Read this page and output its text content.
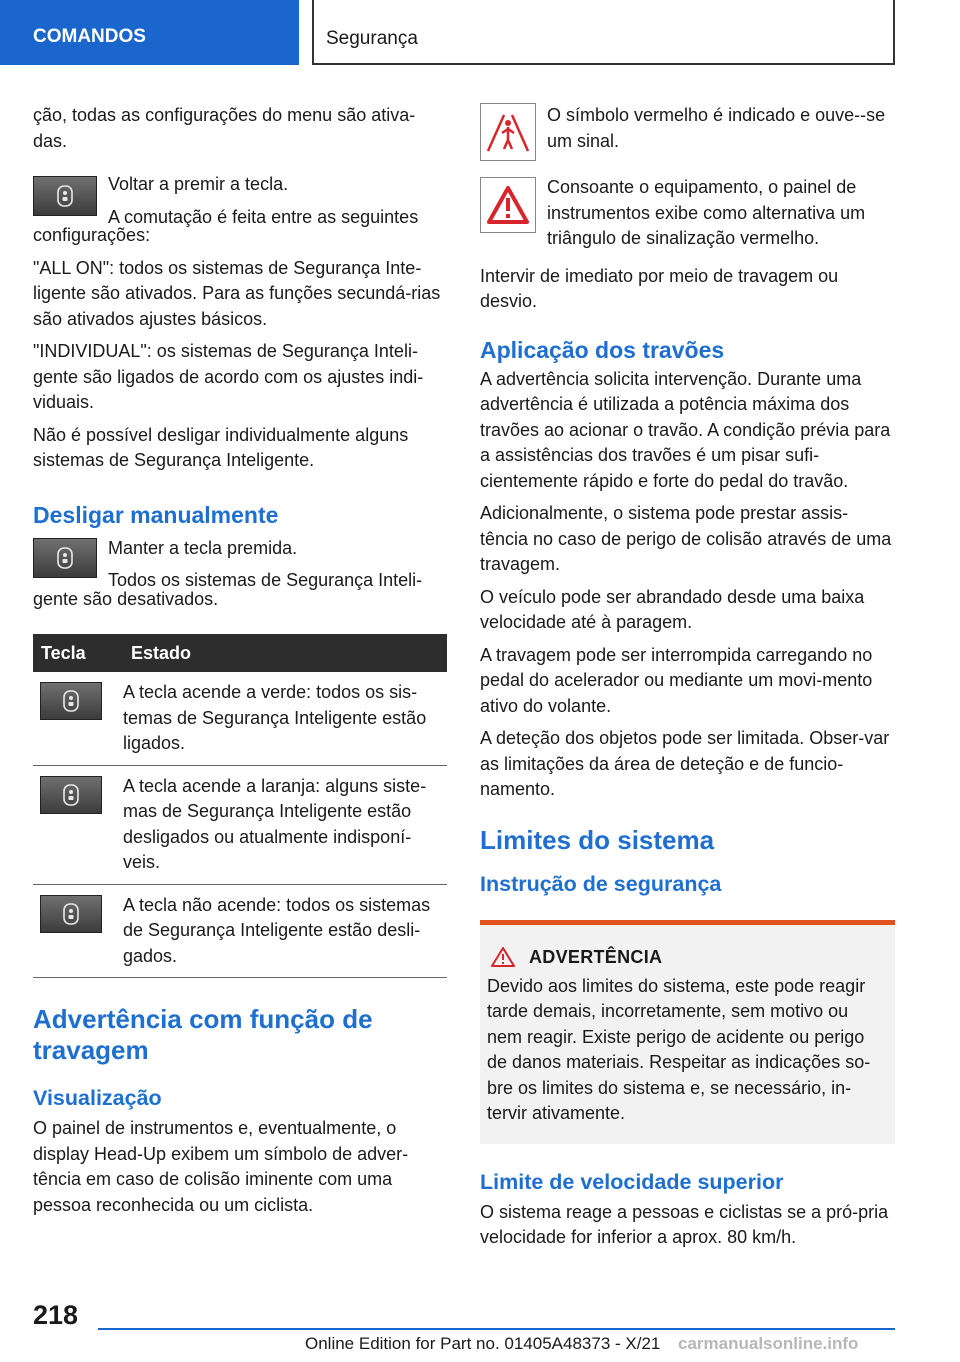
COMANDOS	Segurança

ção, todas as configurações do menu são ativa-das.

Voltar a premir a tecla.

A comutação é feita entre as seguintes

configurações:

"ALL ON": todos os sistemas de Segurança Inte-ligente são ativados. Para as funções secundá-rias são ativados ajustes básicos.

"INDIVIDUAL": os sistemas de Segurança Inteli-gente são ligados de acordo com os ajustes indi-viduais.

Não é possível desligar individualmente alguns sistemas de Segurança Inteligente.

Desligar manualmente

Manter a tecla premida.

Todos os sistemas de Segurança Inteli-

gente são desativados.

Tecla	Estado

	A tecla acende a verde: todos os sis-temas de Segurança Inteligente estão ligados.

	A tecla acende a laranja: alguns siste-mas de Segurança Inteligente estão desligados ou atualmente indisponí-veis.

	A tecla não acende: todos os sistemas de Segurança Inteligente estão desli-gados.
Advertência com função de travagem
Visualização

O painel de instrumentos e, eventualmente, o display Head-Up exibem um símbolo de adver-tência em caso de colisão iminente com uma pessoa reconhecida ou um ciclista.

O símbolo vermelho é indicado e ouve--se um sinal.

Consoante o equipamento, o painel de instrumentos exibe como alternativa um triângulo de sinalização vermelho.

Intervir de imediato por meio de travagem ou desvio.

Aplicação dos travões

A advertência solicita intervenção. Durante uma advertência é utilizada a potência máxima dos travões ao acionar o travão. A condição prévia para a assistências dos travões é um pisar sufi-cientemente rápido e forte do pedal do travão.

Adicionalmente, o sistema pode prestar assis-tência no caso de perigo de colisão através de uma travagem.

O veículo pode ser abrandado desde uma baixa velocidade até à paragem.

A travagem pode ser interrompida carregando no pedal do acelerador ou mediante um movi-mento ativo do volante.

A deteção dos objetos pode ser limitada. Obser-var as limitações da área de deteção e de funcio-namento.

Limites do sistema
Instrução de segurança
ADVERTÊNCIA

Devido aos limites do sistema, este pode reagir tarde demais, incorretamente, sem motivo ou nem reagir. Existe perigo de acidente ou perigo de danos materiais. Respeitar as indicações so-bre os limites do sistema e, se necessário, in-tervir ativamente.

Limite de velocidade superior

O sistema reage a pessoas e ciclistas se a pró-pria velocidade for inferior a aprox. 80 km/h.

218
Online Edition for Part no. 01405A48373 - X/21 carmanualsonline.info
